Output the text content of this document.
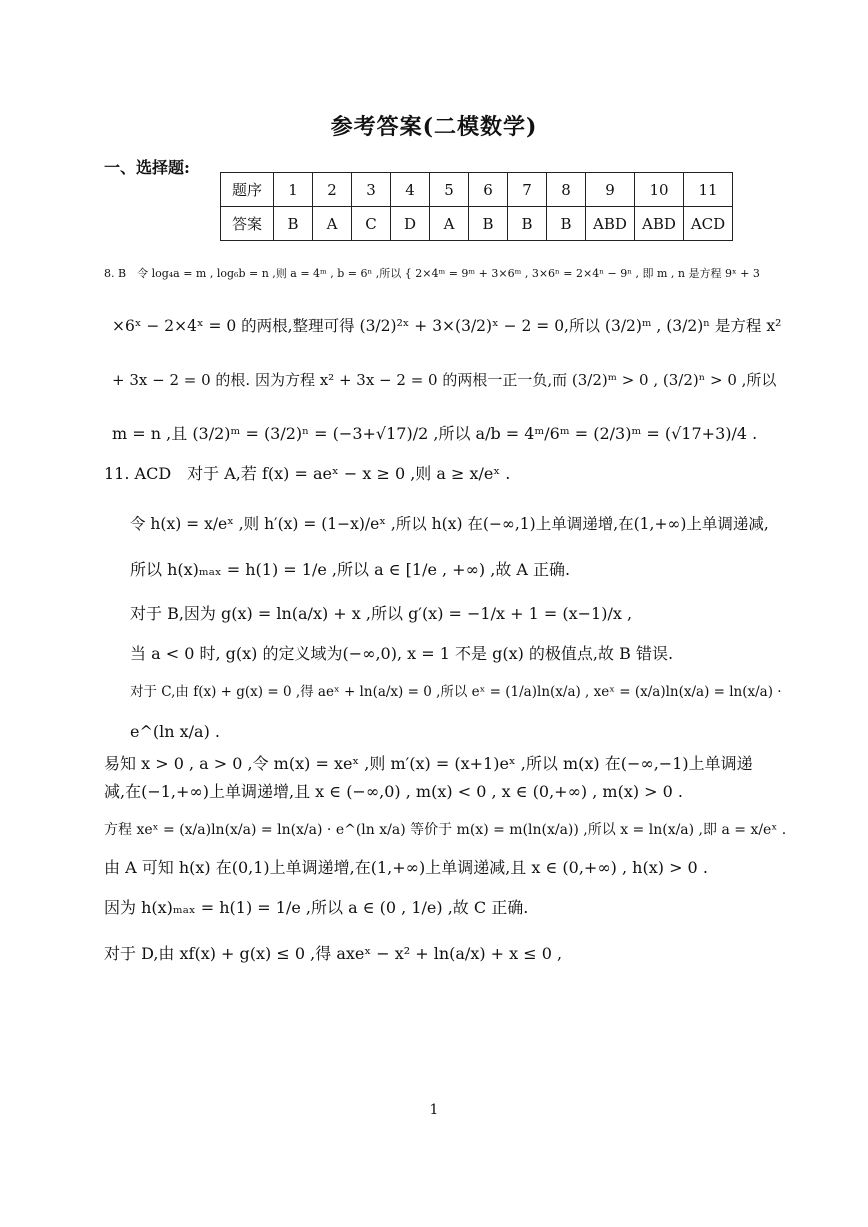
参考答案(二模数学)
一、选择题:
题序	1	2	3	4	5	6	7	8	9	10	11
答案	B	A	C	D	A	B	B	B	ABD	ABD	ACD
8. B　令 log₄a = m , log₆b = n ,则 a = 4ᵐ , b = 6ⁿ ,所以 { 2×4ᵐ = 9ᵐ + 3×6ᵐ , 3×6ⁿ = 2×4ⁿ − 9ⁿ , 即 m , n 是方程 9ˣ + 3
×6ˣ − 2×4ˣ = 0 的两根,整理可得 (3/2)²ˣ + 3×(3/2)ˣ − 2 = 0,所以 (3/2)ᵐ , (3/2)ⁿ 是方程 x²
+ 3x − 2 = 0 的根. 因为方程 x² + 3x − 2 = 0 的两根一正一负,而 (3/2)ᵐ > 0 , (3/2)ⁿ > 0 ,所以
m = n ,且 (3/2)ᵐ = (3/2)ⁿ = (−3+√17)/2 ,所以 a/b = 4ᵐ/6ᵐ = (2/3)ᵐ = (√17+3)/4 .
11. ACD　对于 A,若 f(x) = aeˣ − x ≥ 0 ,则 a ≥ x/eˣ .
令 h(x) = x/eˣ ,则 h′(x) = (1−x)/eˣ ,所以 h(x) 在(−∞,1)上单调递增,在(1,+∞)上单调递减,
所以 h(x)ₘₐₓ = h(1) = 1/e ,所以 a ∈ [1/e , +∞) ,故 A 正确.
对于 B,因为 g(x) = ln(a/x) + x ,所以 g′(x) = −1/x + 1 = (x−1)/x ,
当 a < 0 时, g(x) 的定义域为(−∞,0), x = 1 不是 g(x) 的极值点,故 B 错误.
对于 C,由 f(x) + g(x) = 0 ,得 aeˣ + ln(a/x) = 0 ,所以 eˣ = (1/a)ln(x/a) , xeˣ = (x/a)ln(x/a) = ln(x/a) ·
e^(ln x/a) .
易知 x > 0 , a > 0 ,令 m(x) = xeˣ ,则 m′(x) = (x+1)eˣ ,所以 m(x) 在(−∞,−1)上单调递
减,在(−1,+∞)上单调递增,且 x ∈ (−∞,0) , m(x) < 0 , x ∈ (0,+∞) , m(x) > 0 .
方程 xeˣ = (x/a)ln(x/a) = ln(x/a) · e^(ln x/a) 等价于 m(x) = m(ln(x/a)) ,所以 x = ln(x/a) ,即 a = x/eˣ .
由 A 可知 h(x) 在(0,1)上单调递增,在(1,+∞)上单调递减,且 x ∈ (0,+∞) , h(x) > 0 .
因为 h(x)ₘₐₓ = h(1) = 1/e ,所以 a ∈ (0 , 1/e) ,故 C 正确.
对于 D,由 xf(x) + g(x) ≤ 0 ,得 axeˣ − x² + ln(a/x) + x ≤ 0 ,
1
